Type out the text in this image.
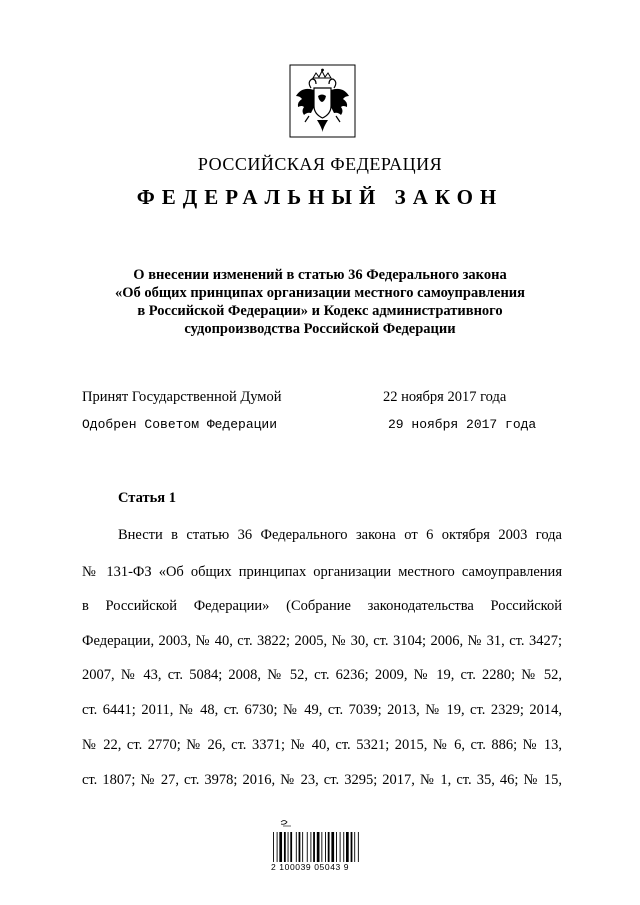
РОССИЙСКАЯ ФЕДЕРАЦИЯ
ФЕДЕРАЛЬНЫЙ ЗАКОН
О внесении изменений в статью 36 Федерального закона
«Об общих принципах организации местного самоуправления
в Российской Федерации» и Кодекс административного
судопроизводства Российской Федерации
Принят Государственной Думой	22 ноября 2017 года
Одобрен Советом Федерации	29 ноября 2017 года
Статья 1
Внести в статью 36 Федерального закона от 6 октября 2003 года
№ 131-ФЗ «Об общих принципах организации местного самоуправления
в Российской Федерации» (Собрание законодательства Российской
Федерации, 2003, № 40, ст. 3822; 2005, № 30, ст. 3104; 2006, № 31, ст. 3427;
2007, № 43, ст. 5084; 2008, № 52, ст. 6236; 2009, № 19, ст. 2280; № 52,
ст. 6441; 2011, № 48, ст. 6730; № 49, ст. 7039; 2013, № 19, ст. 2329; 2014,
№ 22, ст. 2770; № 26, ст. 3371; № 40, ст. 5321; 2015, № 6, ст. 886; № 13,
ст. 1807; № 27, ст. 3978; 2016, № 23, ст. 3295; 2017, № 1, ст. 35, 46; № 15,
2 100039 05043 9
